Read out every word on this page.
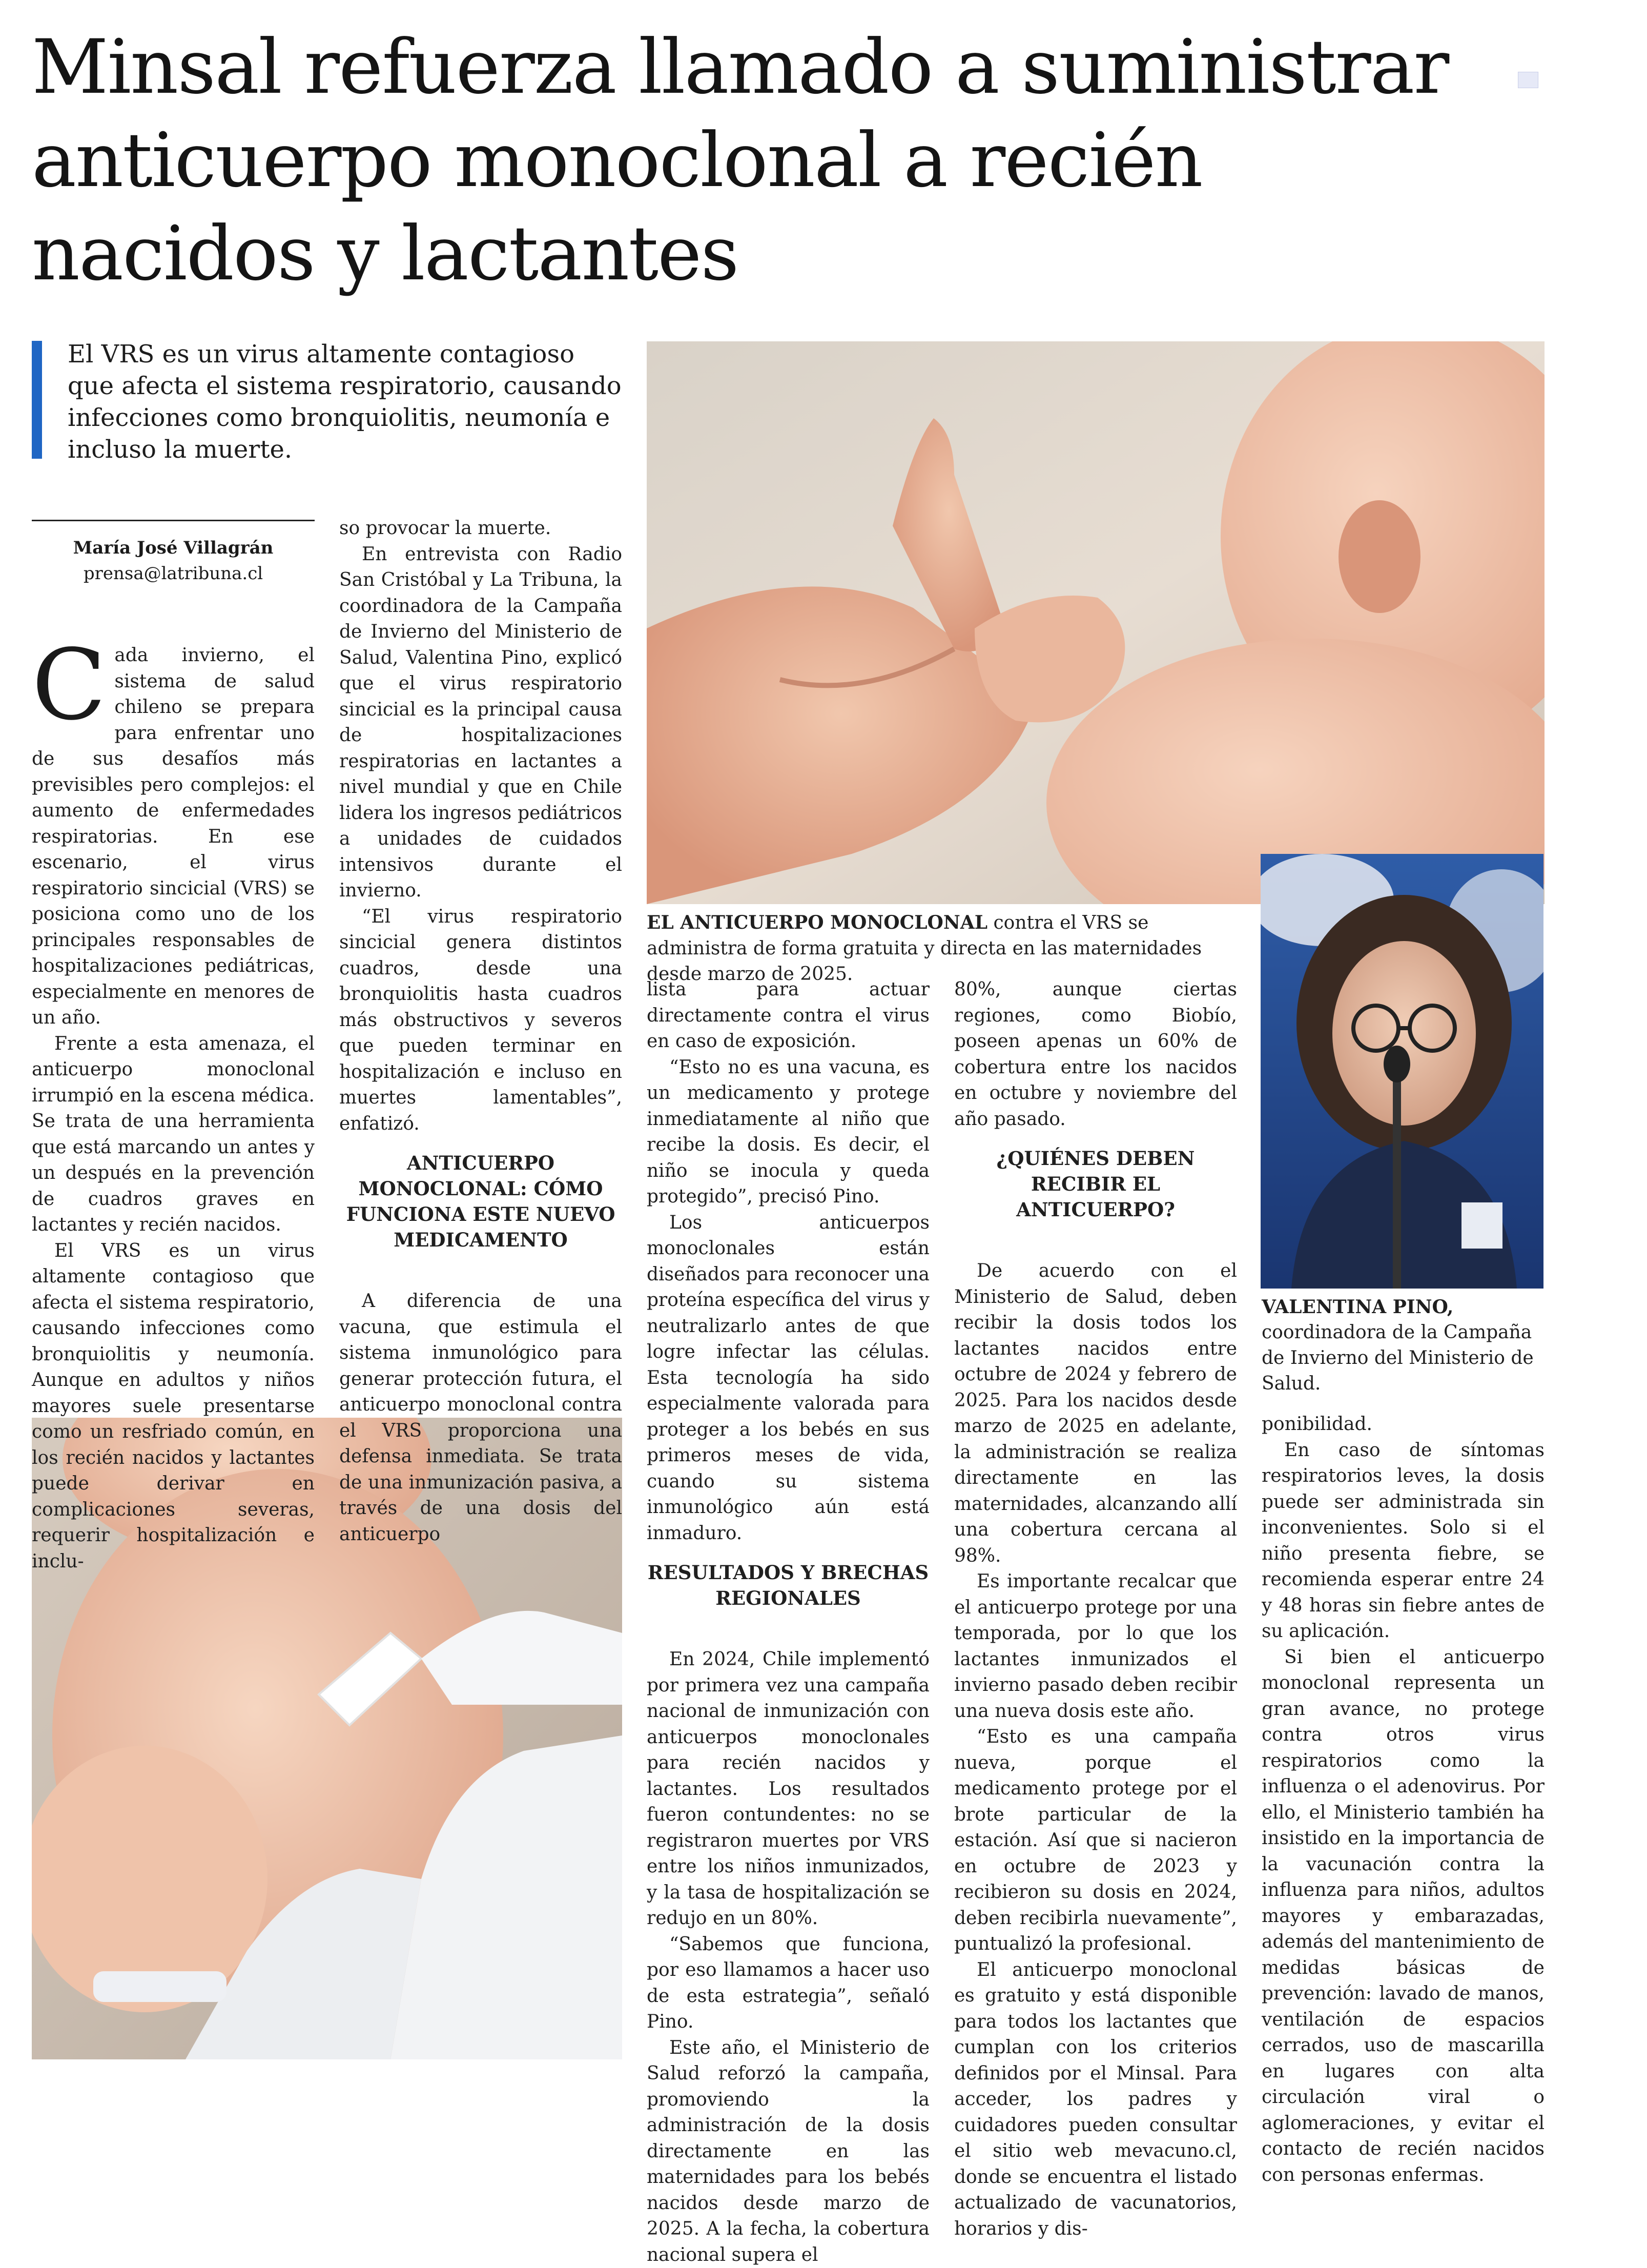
Minsal refuerza llamado a suministrar
anticuerpo monoclonal a recién
nacidos y lactantes
El VRS es un virus altamente contagioso
que afecta el sistema respiratorio, causando
infecciones como bronquiolitis, neumonía e
incluso la muerte.
María José Villagrán
prensa@latribuna.cl
EL ANTICUERPO MONOCLONAL contra el VRS se administra de forma gratuita y directa en las maternidades desde marzo de 2025.
VALENTINA PINO,
coordinadora de la Campaña de Invierno del Ministerio de Salud.
C ada invierno, el sistema de salud chileno se prepara para enfrentar uno de sus desafíos más previsibles pero complejos: el aumento de enfermedades respiratorias. En ese escenario, el virus respiratorio sincicial (VRS) se posiciona como uno de los principales responsables de hospitalizaciones pediátricas, especialmente en menores de un año.

Frente a esta amenaza, el anticuerpo monoclonal irrumpió en la escena médica. Se trata de una herramienta que está marcando un antes y un después en la prevención de cuadros graves en lactantes y recién nacidos.

El VRS es un virus altamente contagioso que afecta el sistema respiratorio, causando infecciones como bronquiolitis y neumonía. Aunque en adultos y niños mayores suele presentarse como un resfriado común, en los recién nacidos y lactantes puede derivar en complicaciones severas, requerir hospitalización e inclu-

so provocar la muerte.

En entrevista con Radio San Cristóbal y La Tribuna, la coordinadora de la Campaña de Invierno del Ministerio de Salud, Valentina Pino, explicó que el virus respiratorio sincicial es la principal causa de hospitalizaciones respiratorias en lactantes a nivel mundial y que en Chile lidera los ingresos pediátricos a unidades de cuidados intensivos durante el invierno.

“El virus respiratorio sincicial genera distintos cuadros, desde una bronquiolitis hasta cuadros más obstructivos y severos que pueden terminar en hospitalización e incluso en muertes lamentables”, enfatizó.

ANTICUERPO MONOCLONAL: CÓMO FUNCIONA ESTE NUEVO MEDICAMENTO

A diferencia de una vacuna, que estimula el sistema inmunológico para generar protección futura, el anticuerpo monoclonal contra el VRS proporciona una defensa inmediata. Se trata de una inmunización pasiva, a través de una dosis del anticuerpo

lista para actuar directamente contra el virus en caso de exposición.

“Esto no es una vacuna, es un medicamento y protege inmediatamente al niño que recibe la dosis. Es decir, el niño se inocula y queda protegido”, precisó Pino.

Los anticuerpos monoclonales están diseñados para reconocer una proteína específica del virus y neutralizarlo antes de que logre infectar las células. Esta tecnología ha sido especialmente valorada para proteger a los bebés en sus primeros meses de vida, cuando su sistema inmunológico aún está inmaduro.

RESULTADOS Y BRECHAS REGIONALES

En 2024, Chile implementó por primera vez una campaña nacional de inmunización con anticuerpos monoclonales para recién nacidos y lactantes. Los resultados fueron contundentes: no se registraron muertes por VRS entre los niños inmunizados, y la tasa de hospitalización se redujo en un 80%.

“Sabemos que funciona, por eso llamamos a hacer uso de esta estrategia”, señaló Pino.

Este año, el Ministerio de Salud reforzó la campaña, promoviendo la administración de la dosis directamente en las maternidades para los bebés nacidos desde marzo de 2025. A la fecha, la cobertura nacional supera el

80%, aunque ciertas regiones, como Biobío, poseen apenas un 60% de cobertura entre los nacidos en octubre y noviembre del año pasado.

¿QUIÉNES DEBEN RECIBIR EL ANTICUERPO?

De acuerdo con el Ministerio de Salud, deben recibir la dosis todos los lactantes nacidos entre octubre de 2024 y febrero de 2025. Para los nacidos desde marzo de 2025 en adelante, la administración se realiza directamente en las maternidades, alcanzando allí una cobertura cercana al 98%.

Es importante recalcar que el anticuerpo protege por una temporada, por lo que los lactantes inmunizados el invierno pasado deben recibir una nueva dosis este año.

“Esto es una campaña nueva, porque el medicamento protege por el brote particular de la estación. Así que si nacieron en octubre de 2023 y recibieron su dosis en 2024, deben recibirla nuevamente”, puntualizó la profesional.

El anticuerpo monoclonal es gratuito y está disponible para todos los lactantes que cumplan con los criterios definidos por el Minsal. Para acceder, los padres y cuidadores pueden consultar el sitio web mevacuno.cl, donde se encuentra el listado actualizado de vacunatorios, horarios y dis-

ponibilidad.

En caso de síntomas respiratorios leves, la dosis puede ser administrada sin inconvenientes. Solo si el niño presenta fiebre, se recomienda esperar entre 24 y 48 horas sin fiebre antes de su aplicación.

Si bien el anticuerpo monoclonal representa un gran avance, no protege contra otros virus respiratorios como la influenza o el adenovirus. Por ello, el Ministerio también ha insistido en la importancia de la vacunación contra la influenza para niños, adultos mayores y embarazadas, además del mantenimiento de medidas básicas de prevención: lavado de manos, ventilación de espacios cerrados, uso de mascarilla en lugares con alta circulación viral o aglomeraciones, y evitar el contacto de recién nacidos con personas enfermas.
